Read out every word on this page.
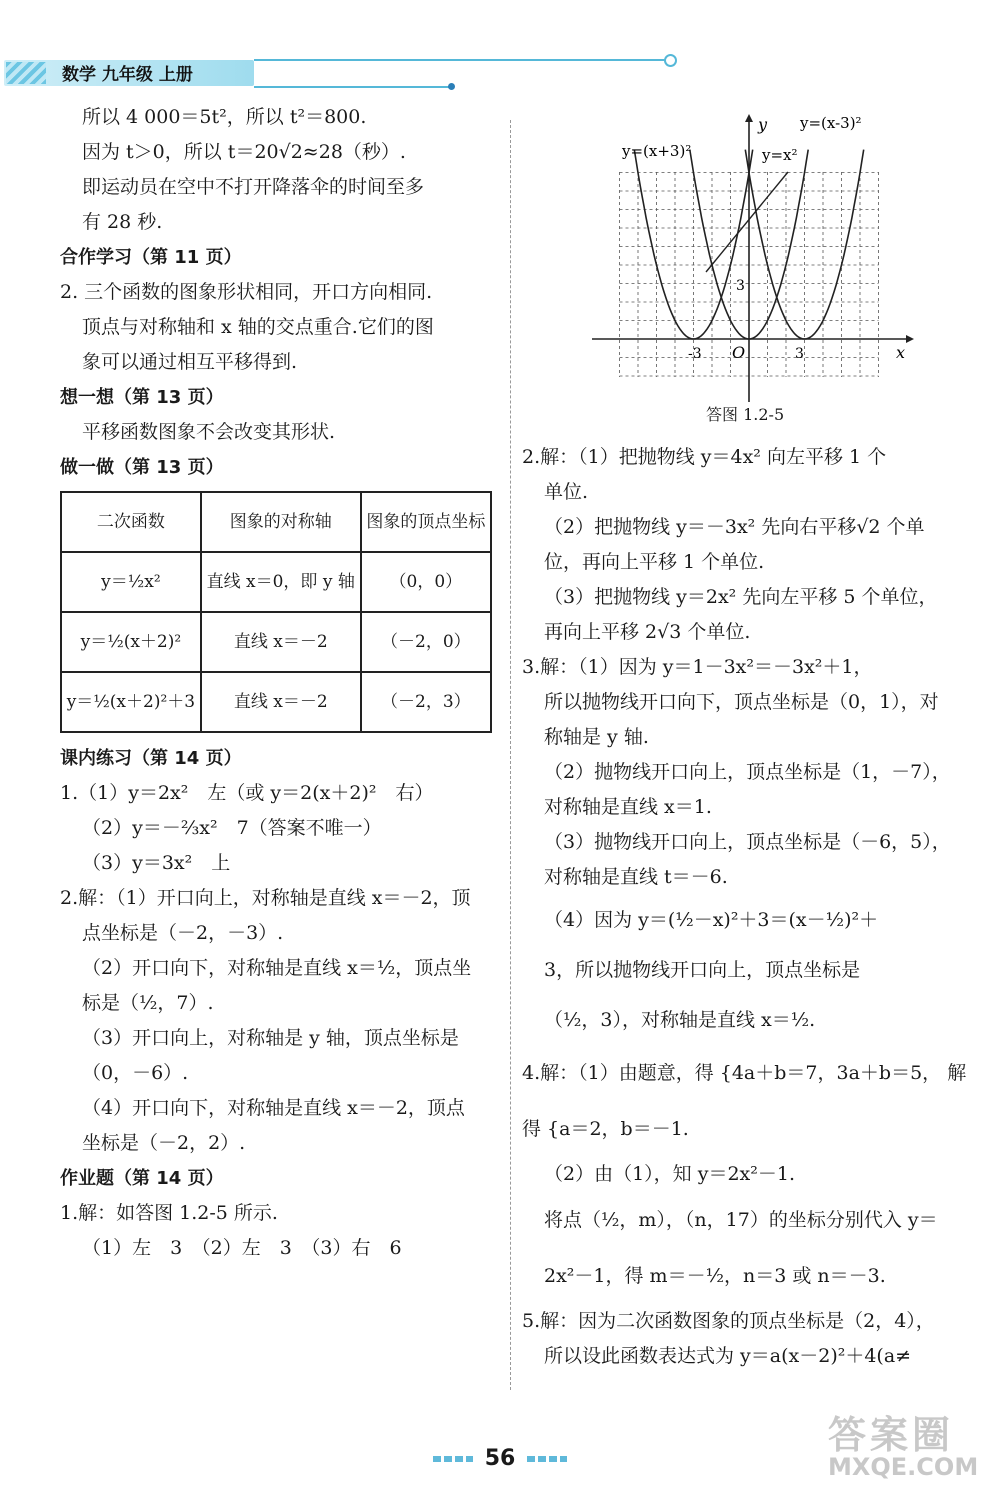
数学 九年级 上册

所以 4 000＝5t²，所以 t²＝800.

因为 t＞0，所以 t＝20√2≈28（秒）.

即运动员在空中不打开降落伞的时间至多

有 28 秒.

合作学习（第 11 页）

2. 三个函数的图象形状相同，开口方向相同.

顶点与对称轴和 x 轴的交点重合.它们的图

象可以通过相互平移得到.

想一想（第 13 页）

平移函数图象不会改变其形状.

做一做（第 13 页）

二次函数	图象的对称轴	图象的顶点坐标
y＝½x²	直线 x＝0，即 y 轴	（0，0）
y＝½(x＋2)²	直线 x＝－2	（－2，0）
y＝½(x＋2)²＋3	直线 x＝－2	（－2，3）

课内练习（第 14 页）

1.（1）y＝2x²　左（或 y＝2(x＋2)²　右）

（2）y＝－⅔x²　7（答案不唯一）

（3）y＝3x²　上

2.解：（1）开口向上，对称轴是直线 x＝－2，顶

点坐标是（－2，－3）.

（2）开口向下，对称轴是直线 x＝½，顶点坐

标是（½，7）.

（3）开口向上，对称轴是 y 轴，顶点坐标是

（0，－6）.

（4）开口向下，对称轴是直线 x＝－2，顶点

坐标是（－2，2）.

作业题（第 14 页）

1.解：如答图 1.2-5 所示.

（1）左　3　（2）左　3　（3）右　6

y=(x+3)²
y=(x-3)²
y=x²
y
x
O	3
-3
3
答图 1.2-5

2.解：（1）把抛物线 y＝4x² 向左平移 1 个

单位.

（2）把抛物线 y＝－3x² 先向右平移√2 个单

位，再向上平移 1 个单位.

（3）把抛物线 y＝2x² 先向左平移 5 个单位，

再向上平移 2√3 个单位.

3.解：（1）因为 y＝1－3x²＝－3x²＋1，

所以抛物线开口向下，顶点坐标是（0，1），对

称轴是 y 轴.

（2）抛物线开口向上，顶点坐标是（1，－7），

对称轴是直线 x＝1.

（3）抛物线开口向上，顶点坐标是（－6，5），

对称轴是直线 t＝－6.

（4）因为 y＝(½－x)²＋3＝(x－½)²＋

3，所以抛物线开口向上，顶点坐标是

（½，3），对称轴是直线 x＝½.

4.解：（1）由题意，得 {4a＋b＝7，3a＋b＝5， 解得 {a＝2，b＝－1.

（2）由（1），知 y＝2x²－1.

将点（½，m），（n，17）的坐标分别代入 y＝

2x²－1，得 m＝－½，n＝3 或 n＝－3.

5.解：因为二次函数图象的顶点坐标是（2，4），

所以设此函数表达式为 y＝a(x－2)²＋4(a≠

56
答案圈
MXQE.COM
